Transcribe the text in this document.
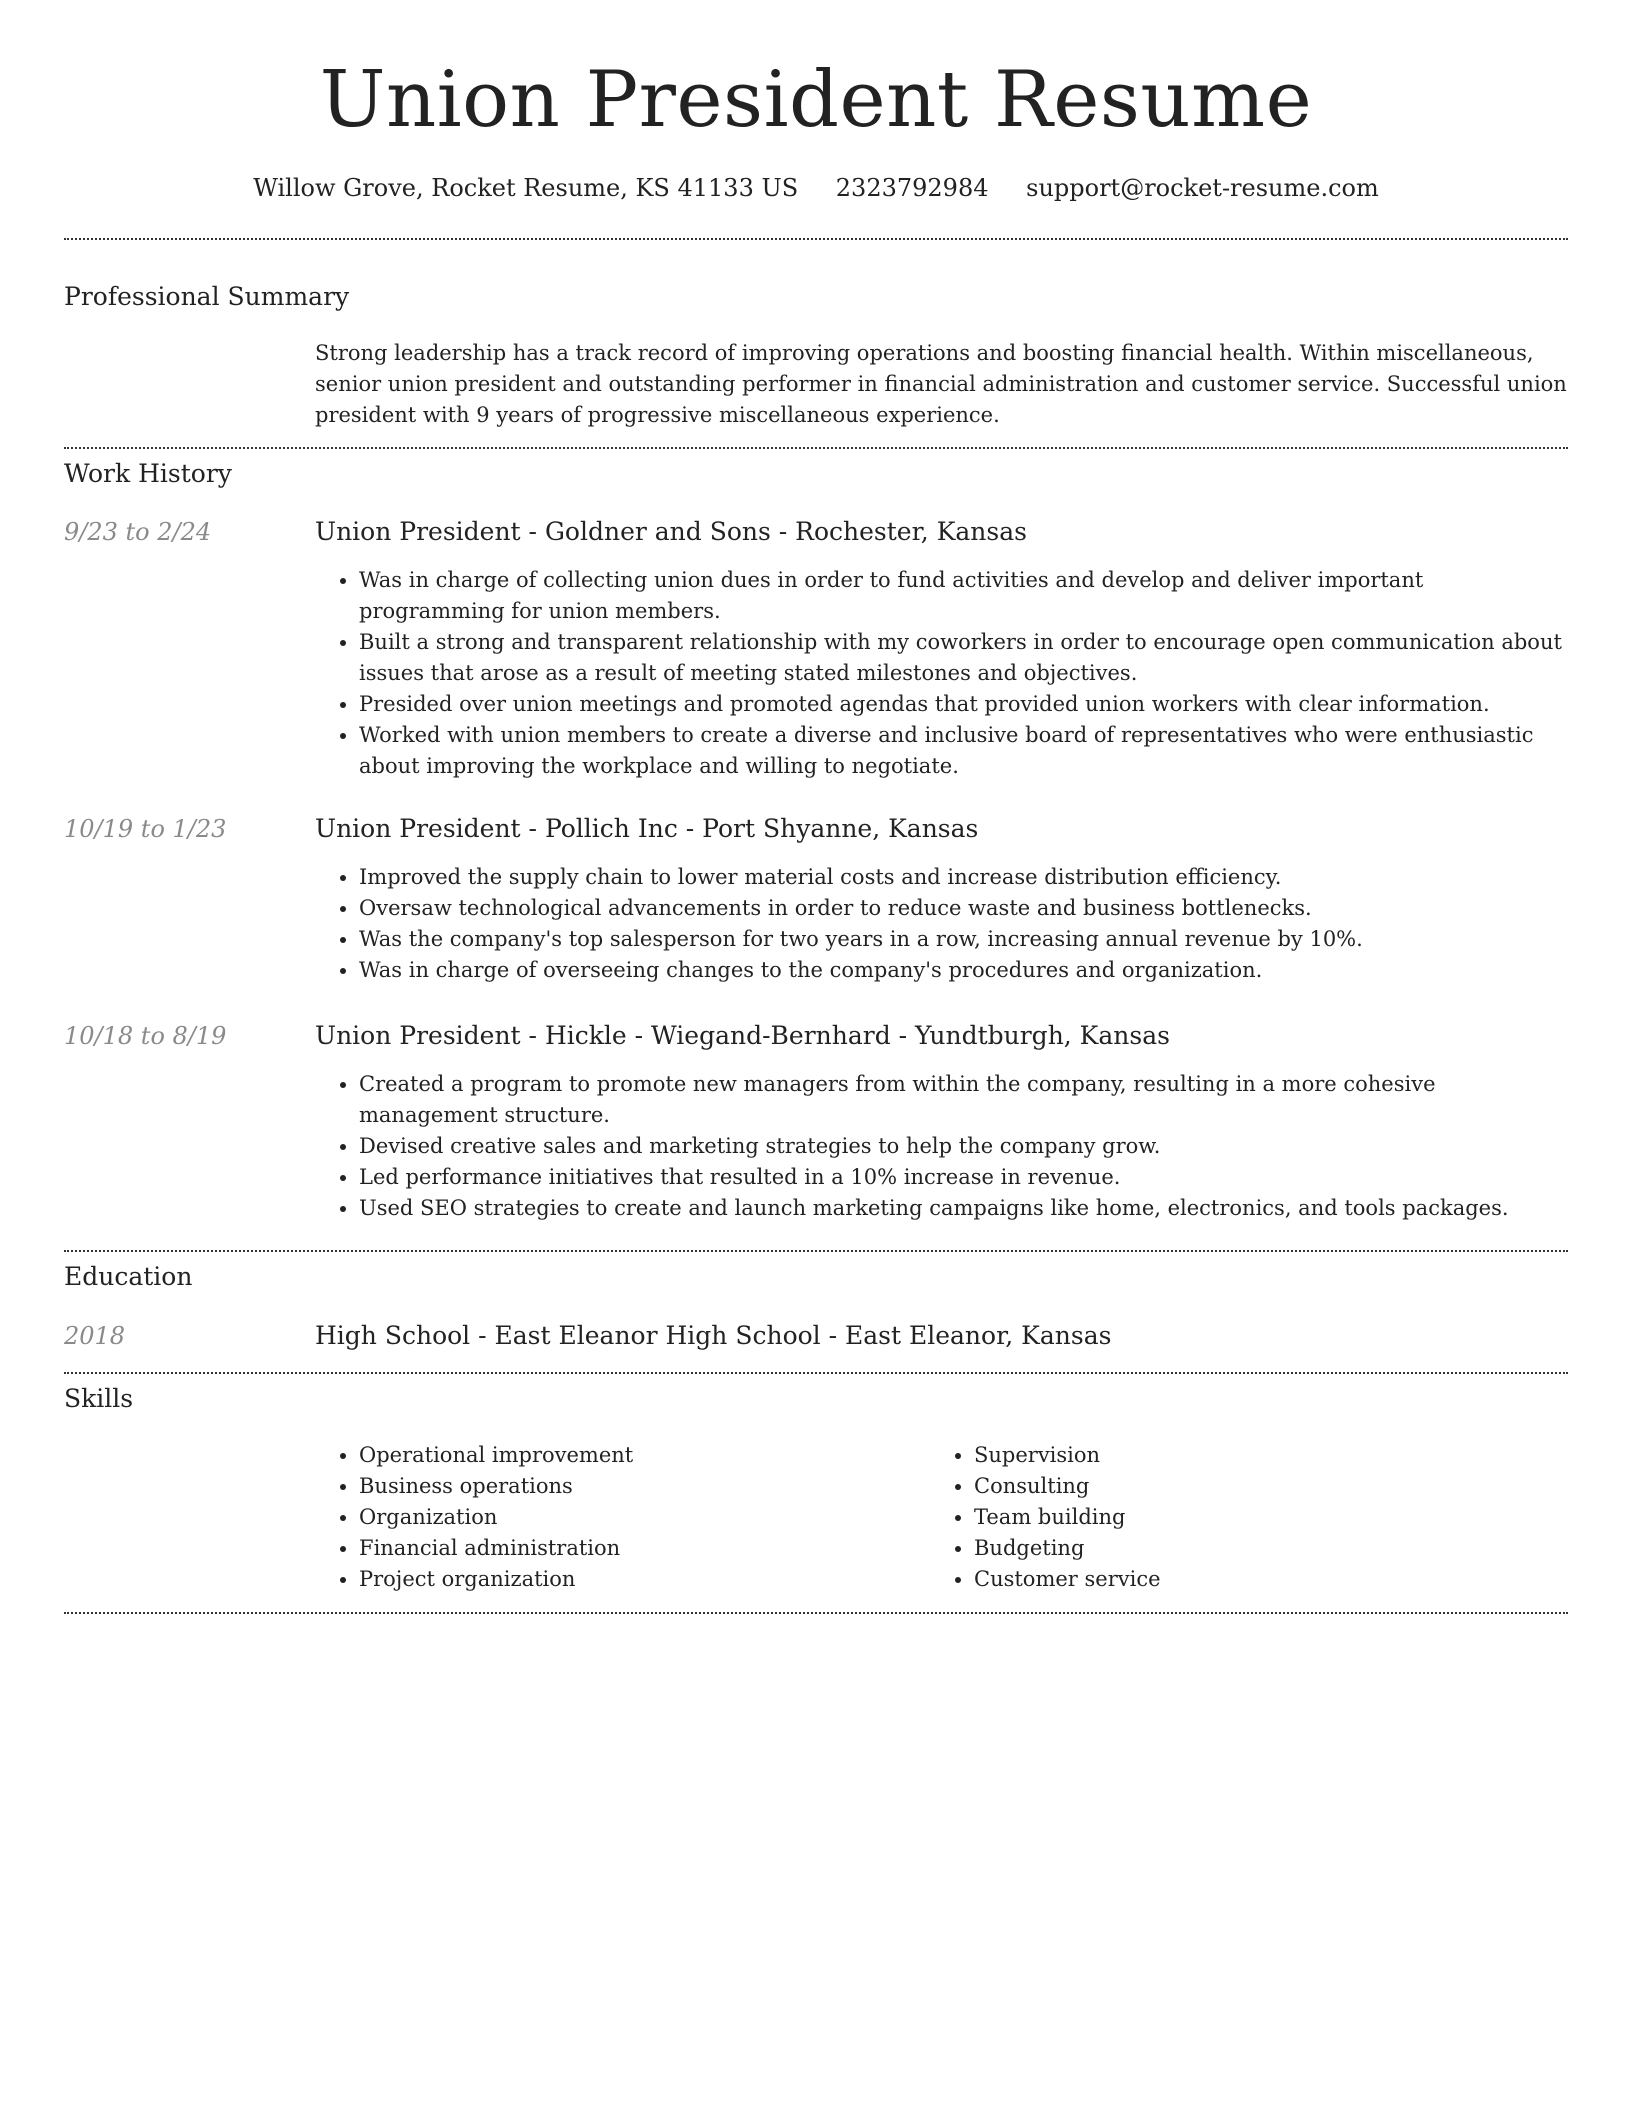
Union President Resume
Willow Grove, Rocket Resume, KS 41133 US 2323792984 support@rocket-resume.com
Professional Summary
Strong leadership has a track record of improving operations and boosting financial health. Within miscellaneous, senior union president and outstanding performer in financial administration and customer service. Successful union president with 9 years of progressive miscellaneous experience.
Work History
9/23 to 2/24	Union President - Goldner and Sons - Rochester, Kansas
• Was in charge of collecting union dues in order to fund activities and develop and deliver important programming for union members.
• Built a strong and transparent relationship with my coworkers in order to encourage open communication about issues that arose as a result of meeting stated milestones and objectives.
• Presided over union meetings and promoted agendas that provided union workers with clear information.
• Worked with union members to create a diverse and inclusive board of representatives who were enthusiastic about improving the workplace and willing to negotiate.
10/19 to 1/23	Union President - Pollich Inc - Port Shyanne, Kansas
• Improved the supply chain to lower material costs and increase distribution efficiency.
• Oversaw technological advancements in order to reduce waste and business bottlenecks.
• Was the company's top salesperson for two years in a row, increasing annual revenue by 10%.
• Was in charge of overseeing changes to the company's procedures and organization.
10/18 to 8/19	Union President - Hickle - Wiegand-Bernhard - Yundtburgh, Kansas
• Created a program to promote new managers from within the company, resulting in a more cohesive management structure.
• Devised creative sales and marketing strategies to help the company grow.
• Led performance initiatives that resulted in a 10% increase in revenue.
• Used SEO strategies to create and launch marketing campaigns like home, electronics, and tools packages.
Education
2018	High School - East Eleanor High School - East Eleanor, Kansas
Skills
• Operational improvement
• Business operations
• Organization
• Financial administration
• Project organization
• Supervision
• Consulting
• Team building
• Budgeting
• Customer service
